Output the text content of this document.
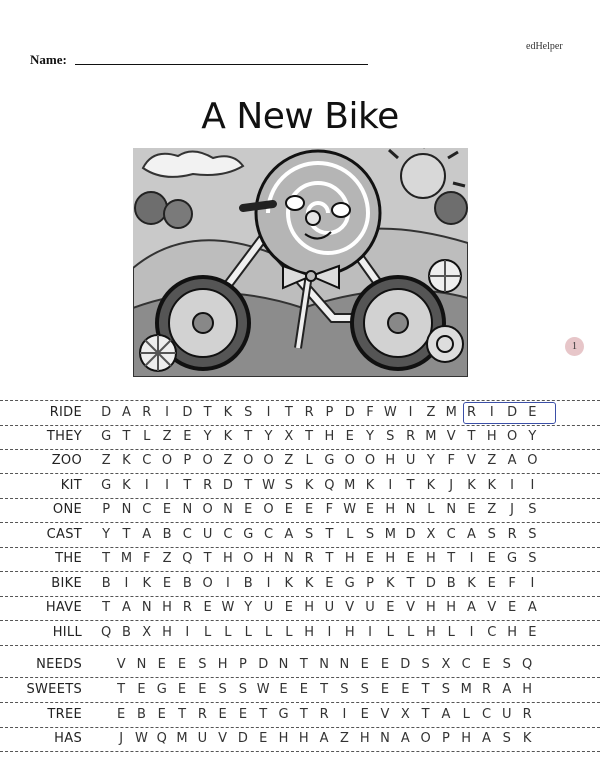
edHelper
Name:
A New Bike
1
RIDE	D A R I D T K S I T R P D F W I Z M R I D E
THEY	G T L Z E Y K T Y X T H E Y S R M V T H O Y
ZOO	Z K C O P O Z O O Z L G O O H U Y F V Z A O
KIT	G K I I T R D T W S K Q M K I T K J K K I I
ONE	P N C E N O N E O E E F W E H N L N E Z J S
CAST	Y T A B C U C G C A S T L S M D X C A S R S
THE	T M F Z Q T H O H N R T H E H E H T I E G S
BIKE	B I K E B O I B I K K E G P K T D B K E F I
HAVE	T A N H R E W Y U E H U V U E V H H A V E A
HILL	Q B X H I L L L L L H I H I L L H L I C H E
NEEDS	V N E E S H P D N T N N E E D S X C E S Q
SWEETS	T E G E E S S W E E T S S E E T S M R A H
TREE	E B E T R E E T G T R I E V X T A L C U R
HAS	J W Q M U V D E H H A Z H N A O P H A S K
